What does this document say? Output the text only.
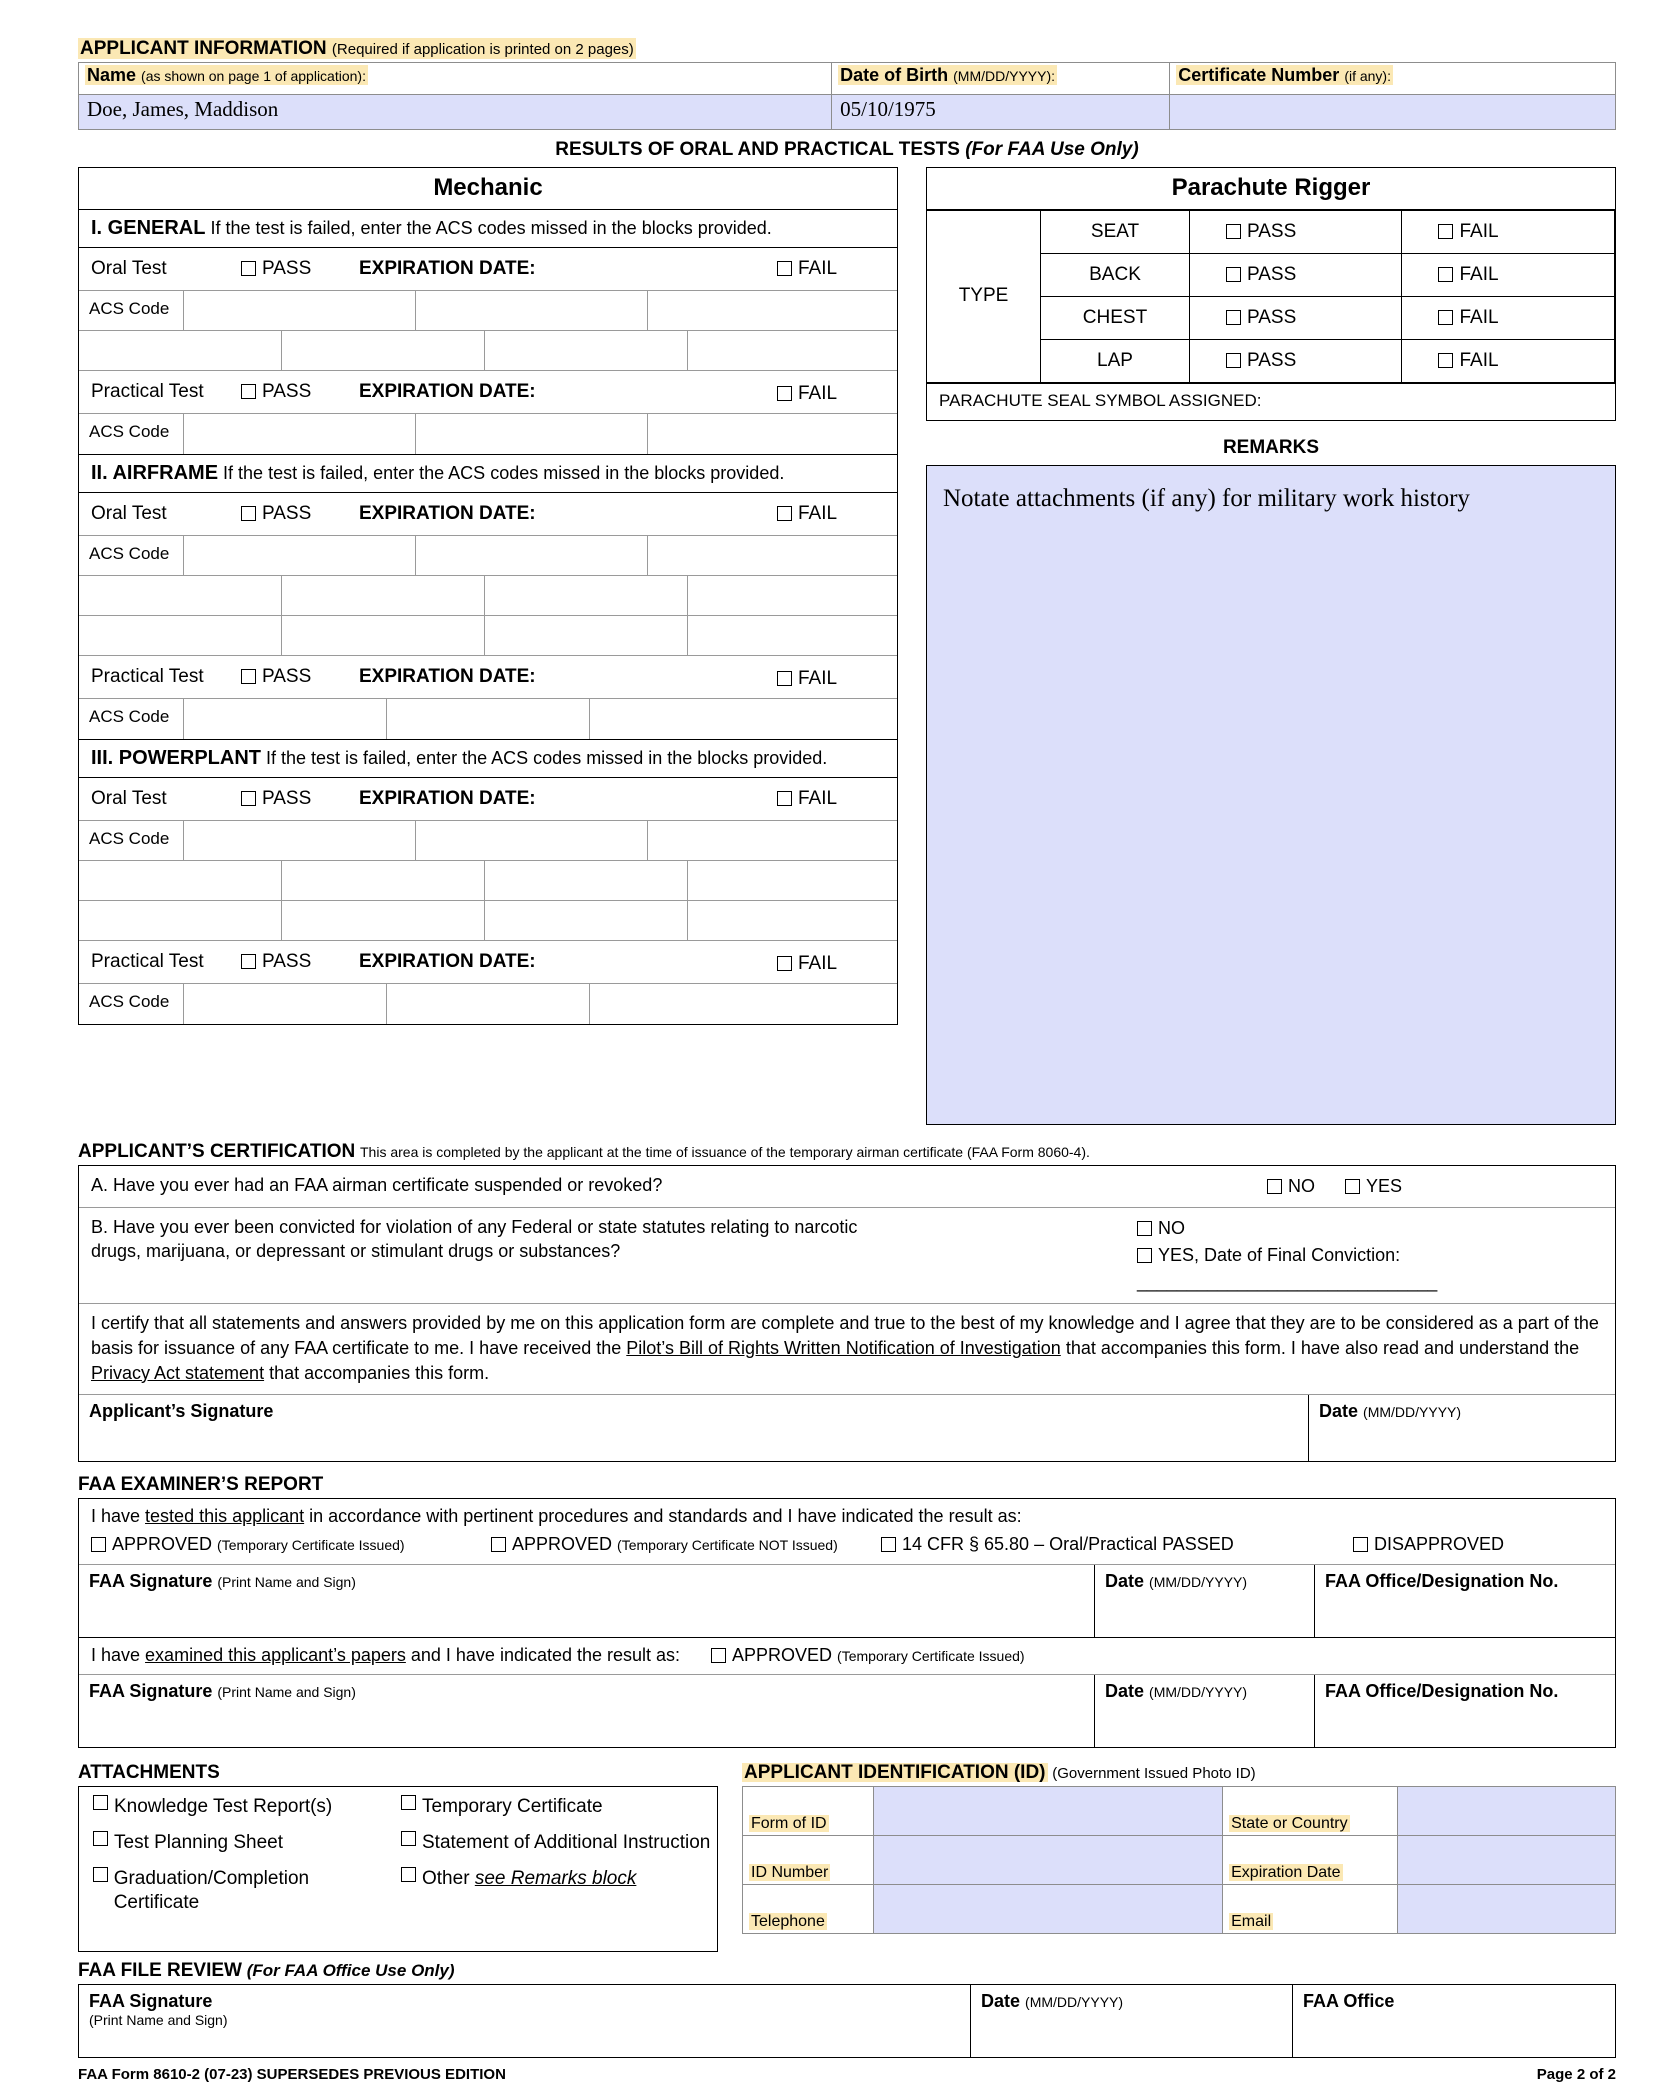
APPLICANT INFORMATION (Required if application is printed on 2 pages)
Name (as shown on page 1 of application):	Date of Birth (MM/DD/YYYY):	Certificate Number (if any):
Doe, James, Maddison	05/10/1975	
RESULTS OF ORAL AND PRACTICAL TESTS (For FAA Use Only)
Mechanic
I. GENERAL If the test is failed, enter the ACS codes missed in the blocks provided.
Oral Test	PASS	EXPIRATION DATE:	FAIL
ACS Code
Practical Test	PASS	EXPIRATION DATE:	FAIL
ACS Code
II. AIRFRAME If the test is failed, enter the ACS codes missed in the blocks provided.
Oral Test	PASS	EXPIRATION DATE:	FAIL
ACS Code
Practical Test	PASS	EXPIRATION DATE:	FAIL
ACS Code
III. POWERPLANT If the test is failed, enter the ACS codes missed in the blocks provided.
Oral Test	PASS	EXPIRATION DATE:	FAIL
ACS Code
Practical Test	PASS	EXPIRATION DATE:	FAIL
ACS Code
Parachute Rigger
TYPE	SEAT	PASS	FAIL
	BACK	PASS	FAIL
	CHEST	PASS	FAIL
	LAP	PASS	FAIL
PARACHUTE SEAL SYMBOL ASSIGNED:
REMARKS
Notate attachments (if any) for military work history
APPLICANT’S CERTIFICATION This area is completed by the applicant at the time of issuance of the temporary airman certificate (FAA Form 8060-4).
A. Have you ever had an FAA airman certificate suspended or revoked?	NO	YES
B. Have you ever been convicted for violation of any Federal or state statutes relating to narcotic
drugs, marijuana, or depressant or stimulant drugs or substances?
NO
YES, Date of Final Conviction: ______________________________
I certify that all statements and answers provided by me on this application form are complete and true to the best of my knowledge and I agree that they are to be considered as a part of the basis for issuance of any FAA certificate to me. I have received the Pilot’s Bill of Rights Written Notification of Investigation that accompanies this form. I have also read and understand the Privacy Act statement that accompanies this form.
Applicant’s Signature	Date (MM/DD/YYYY)
FAA EXAMINER’S REPORT
I have tested this applicant in accordance with pertinent procedures and standards and I have indicated the result as:
APPROVED (Temporary Certificate Issued)	APPROVED (Temporary Certificate NOT Issued)	14 CFR § 65.80 – Oral/Practical PASSED	DISAPPROVED
FAA Signature (Print Name and Sign)	Date (MM/DD/YYYY)	FAA Office/Designation No.
I have examined this applicant’s papers and I have indicated the result as:	APPROVED (Temporary Certificate Issued)
FAA Signature (Print Name and Sign)	Date (MM/DD/YYYY)	FAA Office/Designation No.
ATTACHMENTS
Knowledge Test Report(s)
Test Planning Sheet
Graduation/Completion Certificate
Temporary Certificate
Statement of Additional Instruction
Other see Remarks block
APPLICANT IDENTIFICATION (ID) (Government Issued Photo ID)
Form of ID		State or Country	
ID Number		Expiration Date	
Telephone		Email	
FAA FILE REVIEW (For FAA Office Use Only)
FAA Signature
(Print Name and Sign)
Date (MM/DD/YYYY)	FAA Office
FAA Form 8610-2 (07-23) SUPERSEDES PREVIOUS EDITION	Page 2 of 2
